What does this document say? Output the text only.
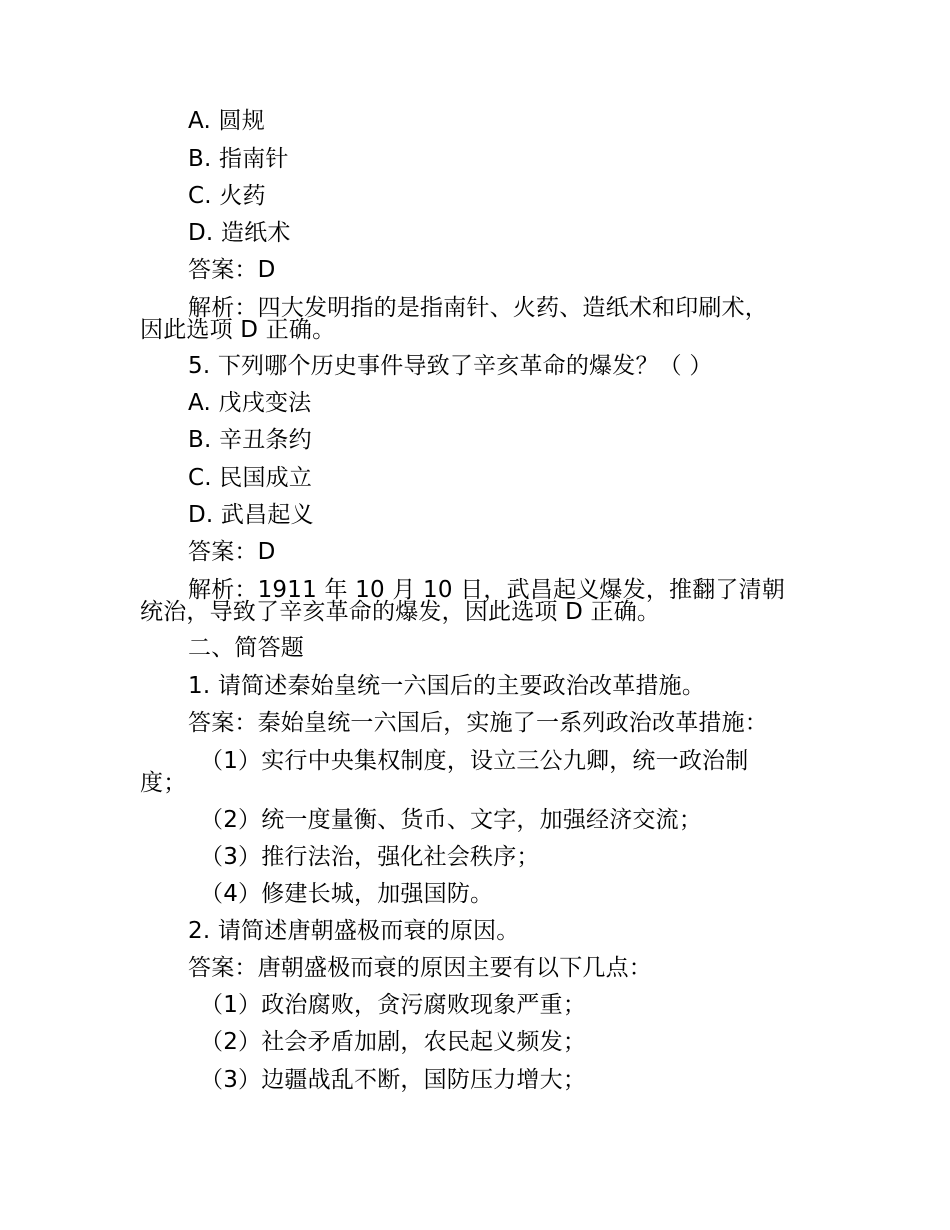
A. 圆规
B. 指南针
C. 火药
D. 造纸术
答案：D
解析：四大发明指的是指南针、火药、造纸术和印刷术，
因此选项 D 正确。
5. 下列哪个历史事件导致了辛亥革命的爆发？（ ）
A. 戊戌变法
B. 辛丑条约
C. 民国成立
D. 武昌起义
答案：D
解析：1911 年 10 月 10 日，武昌起义爆发，推翻了清朝
统治，导致了辛亥革命的爆发，因此选项 D 正确。
二、简答题
1. 请简述秦始皇统一六国后的主要政治改革措施。
答案：秦始皇统一六国后，实施了一系列政治改革措施：
（1）实行中央集权制度，设立三公九卿，统一政治制
度；
（2）统一度量衡、货币、文字，加强经济交流；
（3）推行法治，强化社会秩序；
（4）修建长城，加强国防。
2. 请简述唐朝盛极而衰的原因。
答案：唐朝盛极而衰的原因主要有以下几点：
（1）政治腐败，贪污腐败现象严重；
（2）社会矛盾加剧，农民起义频发；
（3）边疆战乱不断，国防压力增大；
